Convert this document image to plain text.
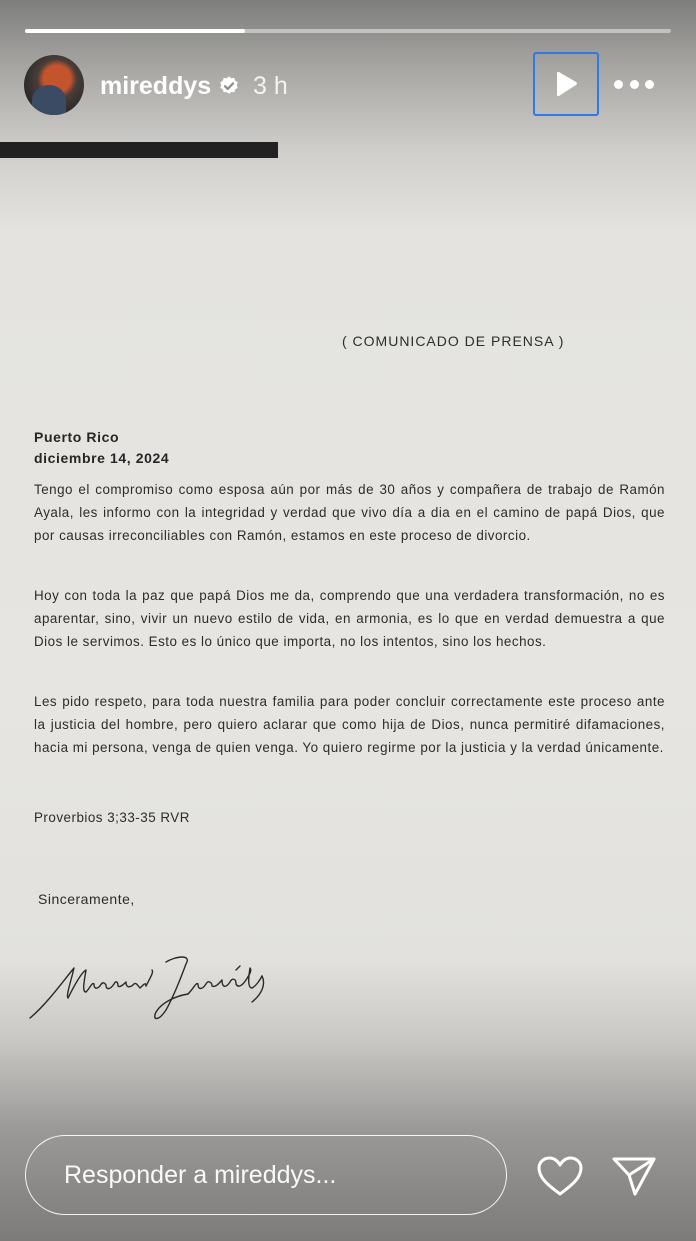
mireddys 3 h
( COMUNICADO DE PRENSA )
Puerto Rico
diciembre 14, 2024

Tengo el compromiso como esposa aún por más de 30 años y compañera de trabajo de Ramón Ayala, les informo con la integridad y verdad que vivo día a dia en el camino de papá Dios, que por causas irreconciliables con Ramón, estamos en este proceso de divorcio.

Hoy con toda la paz que papá Dios me da, comprendo que una verdadera transformación, no es aparentar, sino, vivir un nuevo estilo de vida, en armonia, es lo que en verdad demuestra a que Dios le servimos. Esto es lo único que importa, no los intentos, sino los hechos.

Les pido respeto, para toda nuestra familia para poder concluir correctamente este proceso ante la justicia del hombre, pero quiero aclarar que como hija de Dios, nunca permitiré difamaciones, hacia mi persona, venga de quien venga. Yo quiero regirme por la justicia y la verdad únicamente.

Proverbios 3;33-35 RVR

Sinceramente,
Responder a mireddys...
